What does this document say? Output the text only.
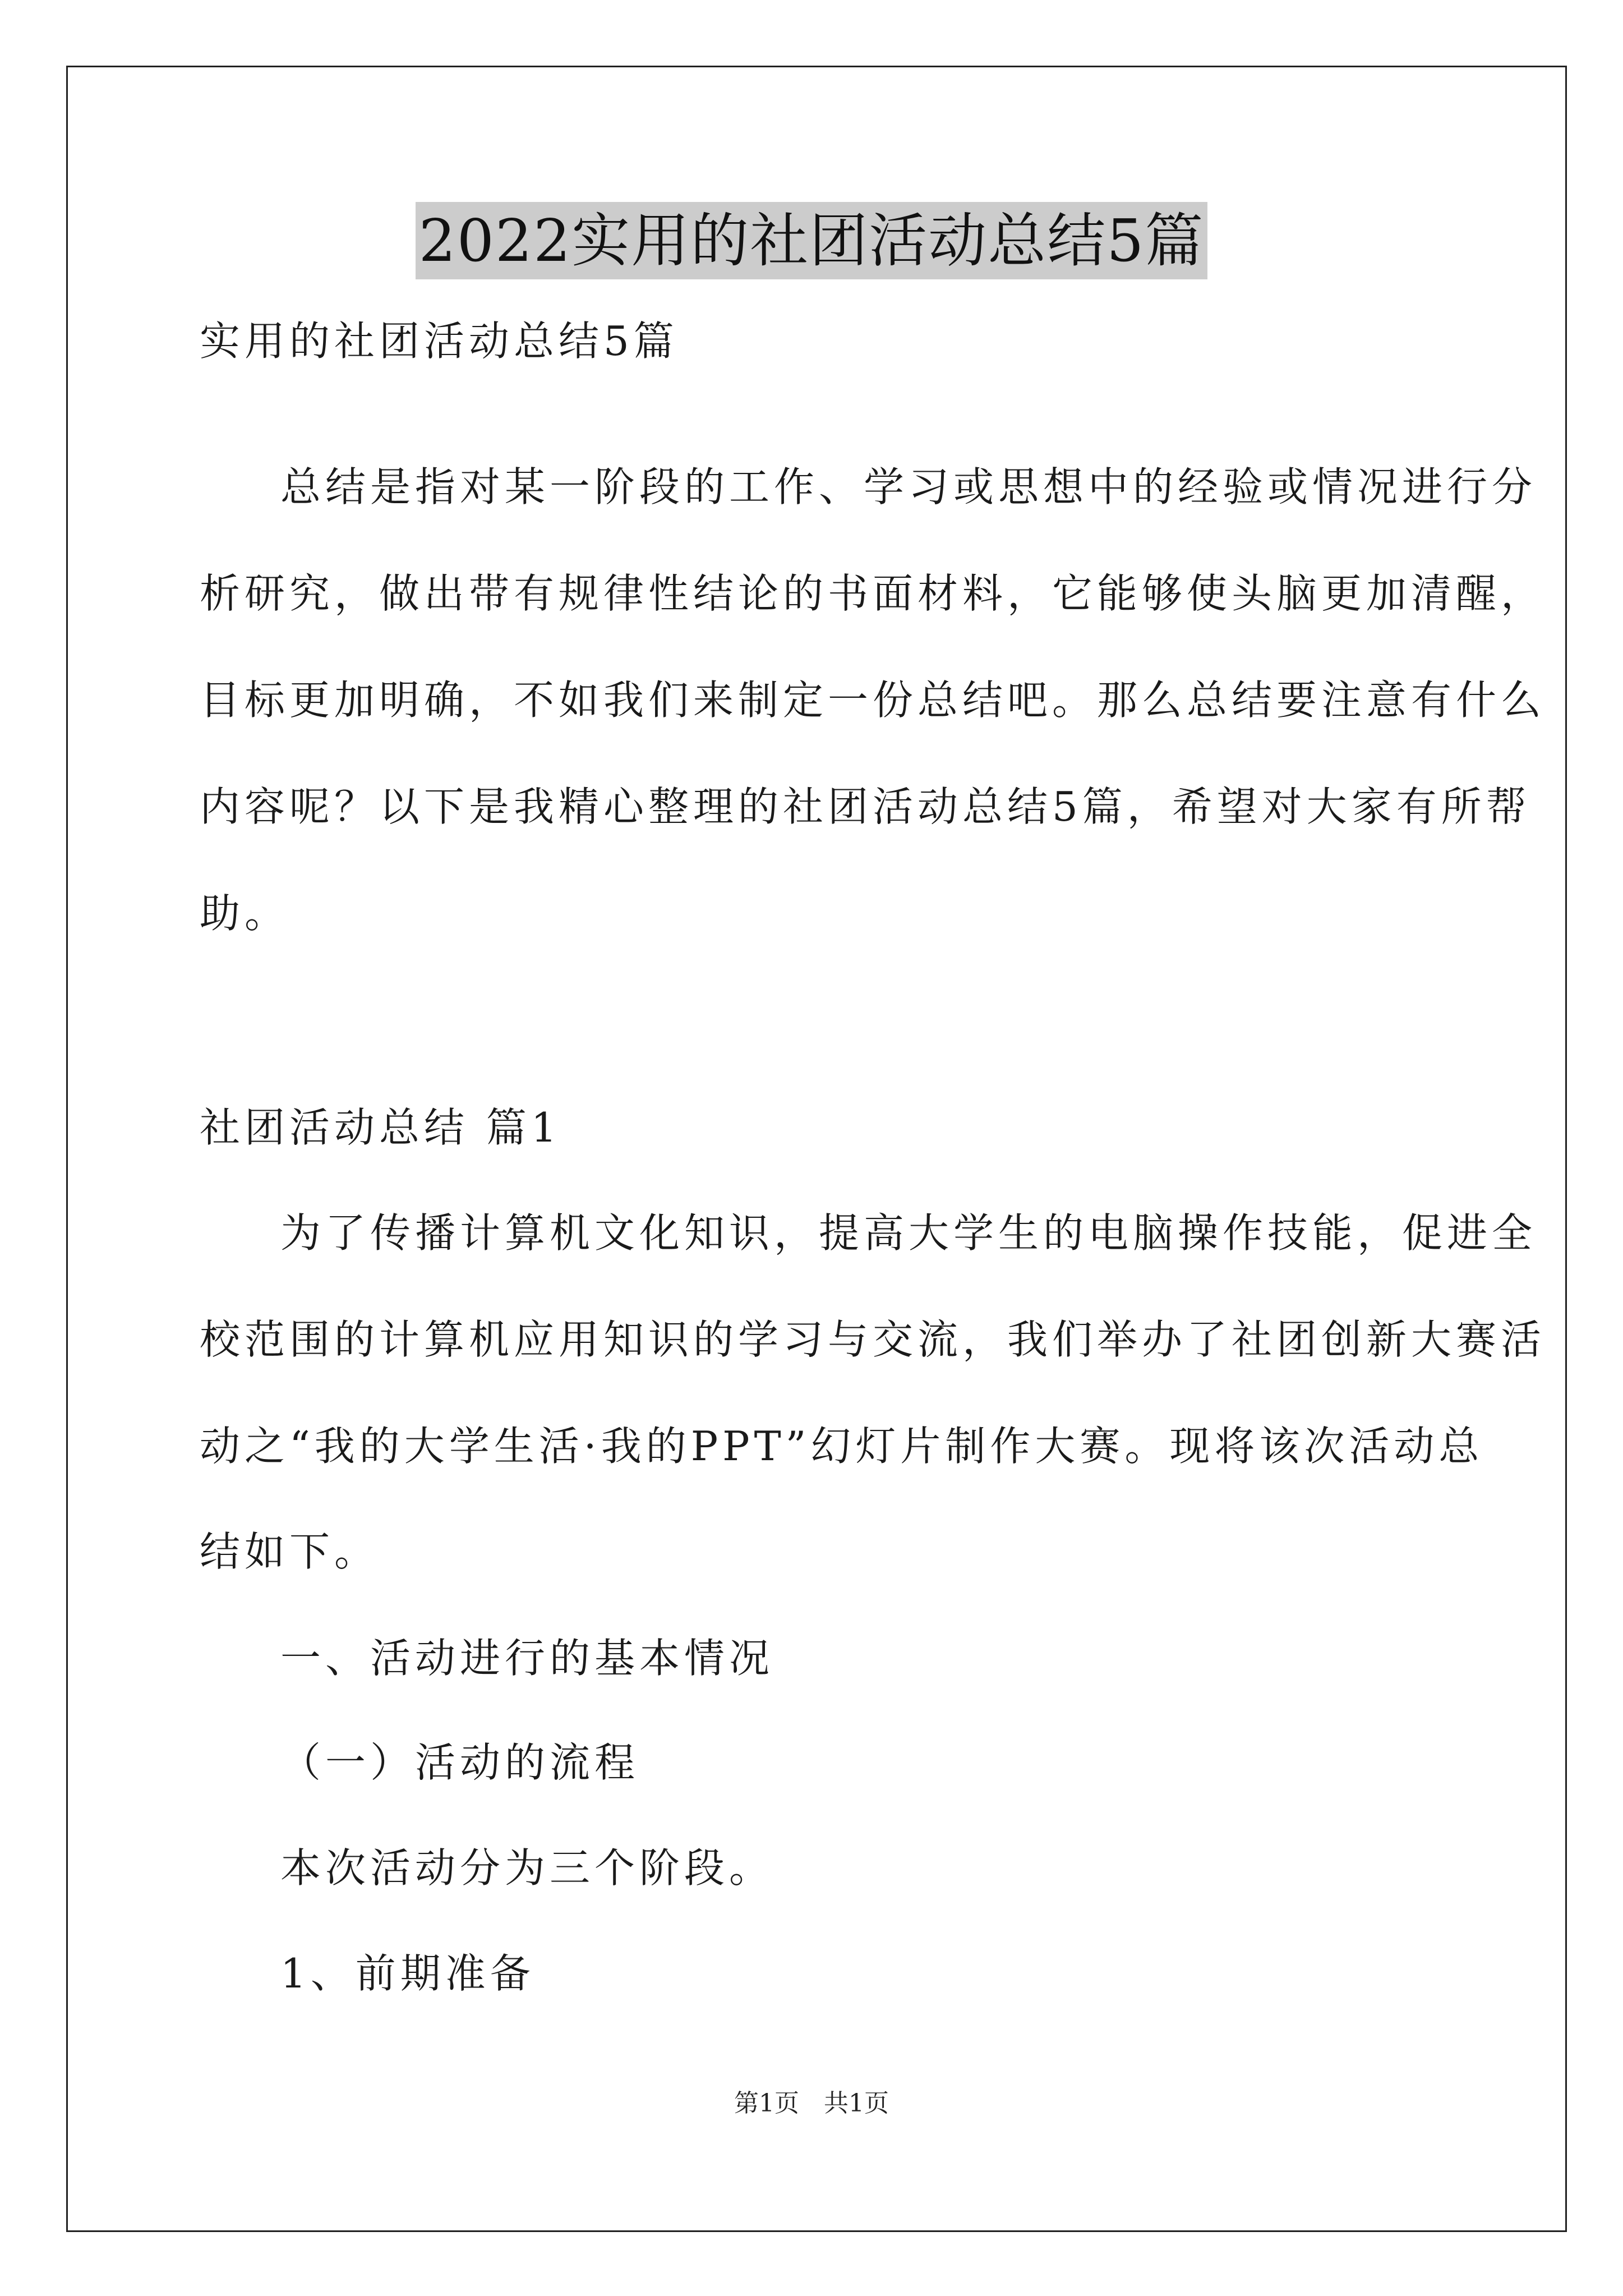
2022实用的社团活动总结5篇
实用的社团活动总结5篇
总结是指对某一阶段的工作、学习或思想中的经验或情况进行分
析研究，做出带有规律性结论的书面材料，它能够使头脑更加清醒，
目标更加明确，不如我们来制定一份总结吧。那么总结要注意有什么
内容呢？以下是我精心整理的社团活动总结5篇，希望对大家有所帮
助。
社团活动总结 篇1
为了传播计算机文化知识，提高大学生的电脑操作技能，促进全
校范围的计算机应用知识的学习与交流，我们举办了社团创新大赛活
动之“我的大学生活·我的PPT”幻灯片制作大赛。现将该次活动总
结如下。
一、活动进行的基本情况
（一）活动的流程
本次活动分为三个阶段。
1、前期准备
第1页　共1页
